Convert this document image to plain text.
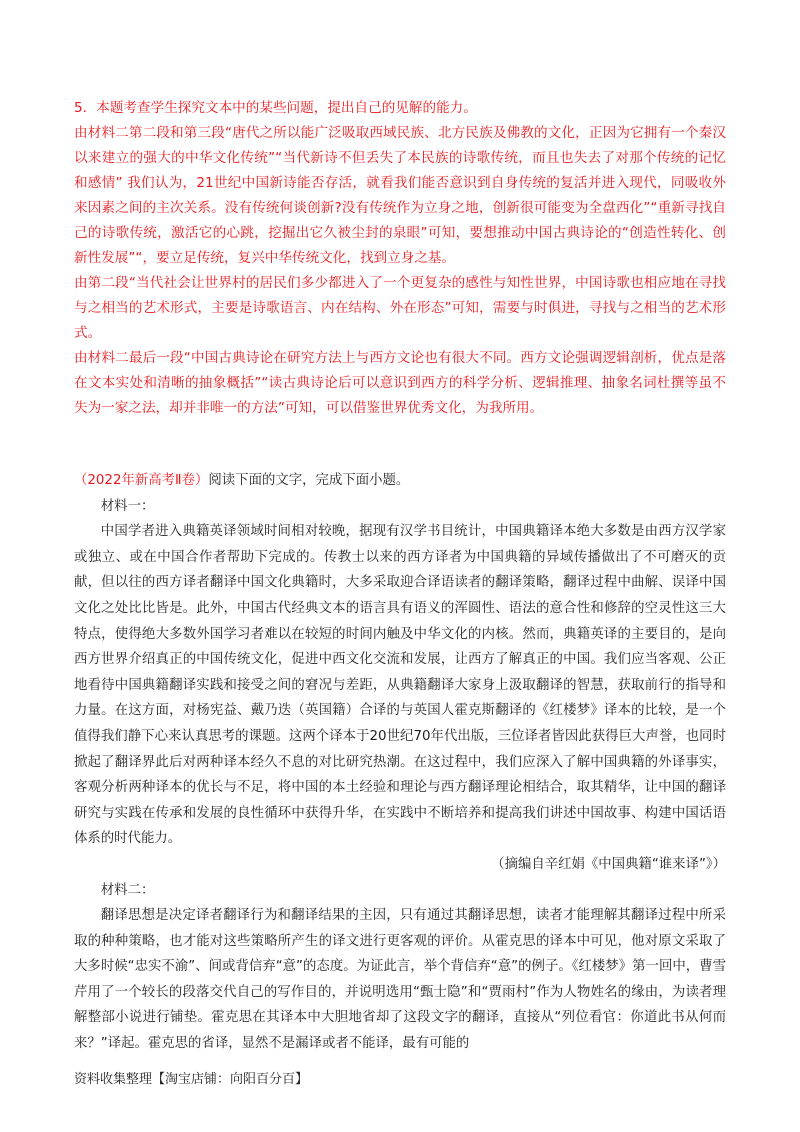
5．本题考查学生探究文本中的某些问题，提出自己的见解的能力。

由材料二第二段和第三段“唐代之所以能广泛吸取西域民族、北方民族及佛教的文化，正因为它拥有一个秦汉以来建立的强大的中华文化传统”“当代新诗不但丢失了本民族的诗歌传统，而且也失去了对那个传统的记忆和感情” 我们认为，21世纪中国新诗能否存活，就看我们能否意识到自身传统的复活并进入现代，同吸收外来因素之间的主次关系。没有传统何谈创新?没有传统作为立身之地，创新很可能变为全盘西化”“重新寻找自己的诗歌传统，激活它的心跳，挖掘出它久被尘封的泉眼”可知，要想推动中国古典诗论的“创造性转化、创新性发展”“，要立足传统，复兴中华传统文化，找到立身之基。

由第二段“当代社会让世界村的居民们多少都进入了一个更复杂的感性与知性世界，中国诗歌也相应地在寻找与之相当的艺术形式，主要是诗歌语言、内在结构、外在形态”可知，需要与时俱进，寻找与之相当的艺术形式。

由材料二最后一段“中国古典诗论在研究方法上与西方文论也有很大不同。西方文论强调逻辑剖析，优点是落在文本实处和清晰的抽象概括”“读古典诗论后可以意识到西方的科学分析、逻辑推理、抽象名词杜撰等虽不失为一家之法，却并非唯一的方法”可知，可以借鉴世界优秀文化，为我所用。

（2022年新高考Ⅱ卷）阅读下面的文字，完成下面小题。

材料一：

中国学者进入典籍英译领域时间相对较晚，据现有汉学书目统计，中国典籍译本绝大多数是由西方汉学家或独立、或在中国合作者帮助下完成的。传教士以来的西方译者为中国典籍的异域传播做出了不可磨灭的贡献，但以往的西方译者翻译中国文化典籍时，大多采取迎合译语读者的翻译策略，翻译过程中曲解、误译中国文化之处比比皆是。此外，中国古代经典文本的语言具有语义的浑圆性、语法的意合性和修辞的空灵性这三大特点，使得绝大多数外国学习者难以在较短的时间内触及中华文化的内核。然而，典籍英译的主要目的，是向西方世界介绍真正的中国传统文化，促进中西文化交流和发展，让西方了解真正的中国。我们应当客观、公正地看待中国典籍翻译实践和接受之间的窘况与差距，从典籍翻译大家身上汲取翻译的智慧，获取前行的指导和力量。在这方面，对杨宪益、戴乃迭（英国籍）合译的与英国人霍克斯翻译的《红楼梦》译本的比较，是一个值得我们静下心来认真思考的课题。这两个译本于20世纪70年代出版，三位译者皆因此获得巨大声誉，也同时掀起了翻译界此后对两种译本经久不息的对比研究热潮。在这过程中，我们应深入了解中国典籍的外译事实，客观分析两种译本的优长与不足，将中国的本土经验和理论与西方翻译理论相结合，取其精华，让中国的翻译研究与实践在传承和发展的良性循环中获得升华，在实践中不断培养和提高我们讲述中国故事、构建中国话语体系的时代能力。

（摘编自辛红娟《中国典籍“谁来译”》）

材料二：

翻译思想是决定译者翻译行为和翻译结果的主因，只有通过其翻译思想，读者才能理解其翻译过程中所采取的种种策略，也才能对这些策略所产生的译文进行更客观的评价。从霍克思的译本中可见，他对原文采取了大多时候“忠实不渝”、间或背信弃“意”的态度。为证此言，举个背信弃“意”的例子。《红楼梦》第一回中，曹雪芹用了一个较长的段落交代自己的写作目的，并说明选用“甄士隐”和“贾雨村”作为人物姓名的缘由，为读者理解整部小说进行铺垫。霍克思在其译本中大胆地省却了这段文字的翻译，直接从“列位看官：你道此书从何而来？”译起。霍克思的省译，显然不是漏译或者不能译，最有可能的

资料收集整理【淘宝店铺：向阳百分百】
